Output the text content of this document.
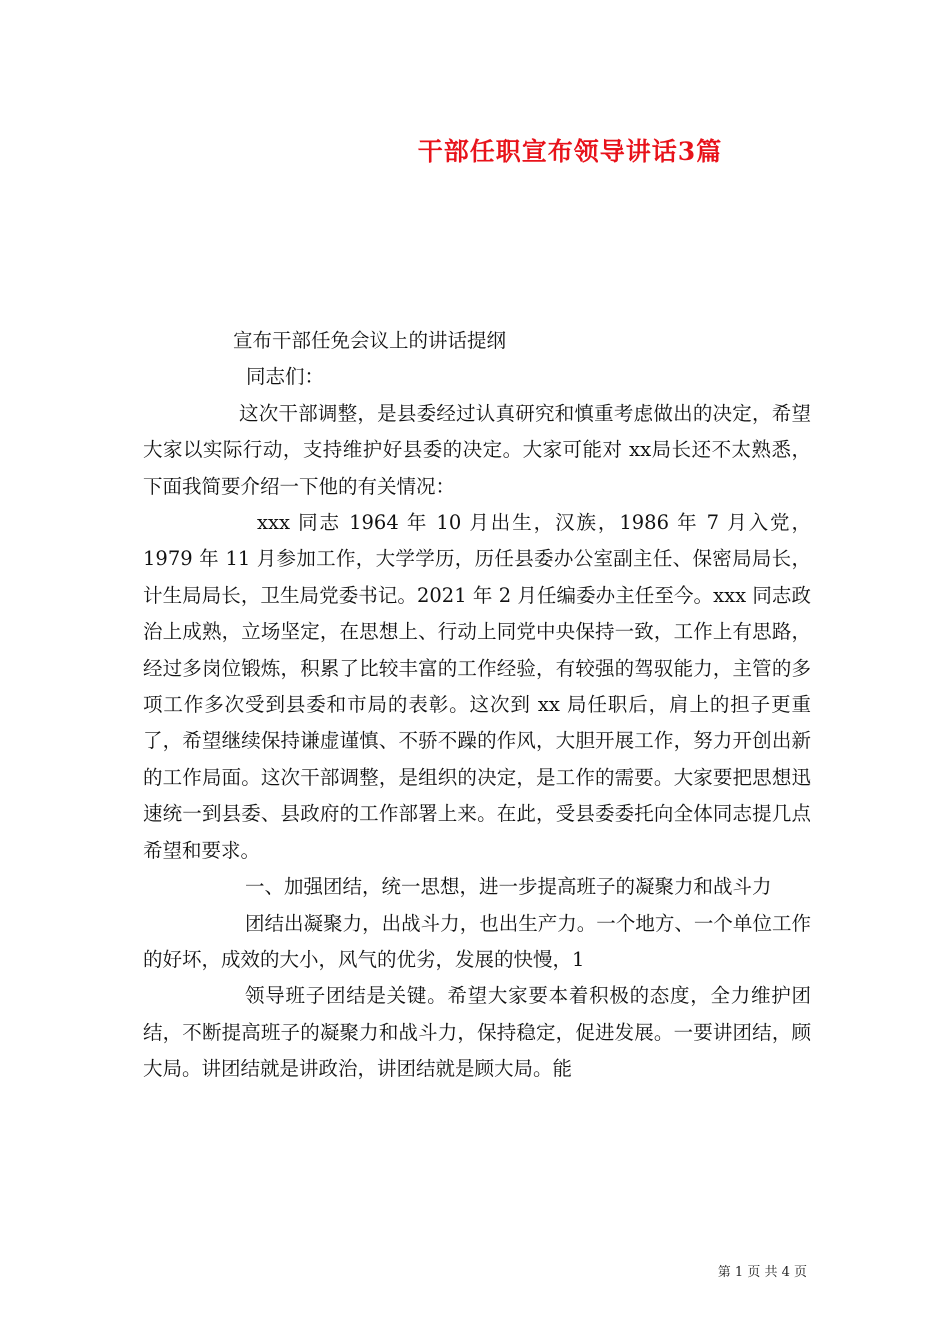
干部任职宣布领导讲话3篇

宣布干部任免会议上的讲话提纲

同志们：

这次干部调整，是县委经过认真研究和慎重考虑做出的决定，希望大家以实际行动，支持维护好县委的决定。大家可能对 xx局长还不太熟悉，下面我简要介绍一下他的有关情况：

xxx 同志 1964 年 10 月出生，汉族，1986 年 7 月入党，1979 年 11 月参加工作，大学学历，历任县委办公室副主任、保密局局长，计生局局长，卫生局党委书记。2021 年 2 月任编委办主任至今。xxx 同志政治上成熟，立场坚定，在思想上、行动上同党中央保持一致，工作上有思路，经过多岗位锻炼，积累了比较丰富的工作经验，有较强的驾驭能力，主管的多项工作多次受到县委和市局的表彰。这次到 xx 局任职后，肩上的担子更重了，希望继续保持谦虚谨慎、不骄不躁的作风，大胆开展工作，努力开创出新的工作局面。这次干部调整，是组织的决定，是工作的需要。大家要把思想迅速统一到县委、县政府的工作部署上来。在此，受县委委托向全体同志提几点希望和要求。

一、加强团结，统一思想，进一步提高班子的凝聚力和战斗力

团结出凝聚力，出战斗力，也出生产力。一个地方、一个单位工作的好坏，成效的大小，风气的优劣，发展的快慢，1

领导班子团结是关键。希望大家要本着积极的态度，全力维护团结，不断提高班子的凝聚力和战斗力，保持稳定，促进发展。一要讲团结，顾大局。讲团结就是讲政治，讲团结就是顾大局。能

第 1 页 共 4 页
